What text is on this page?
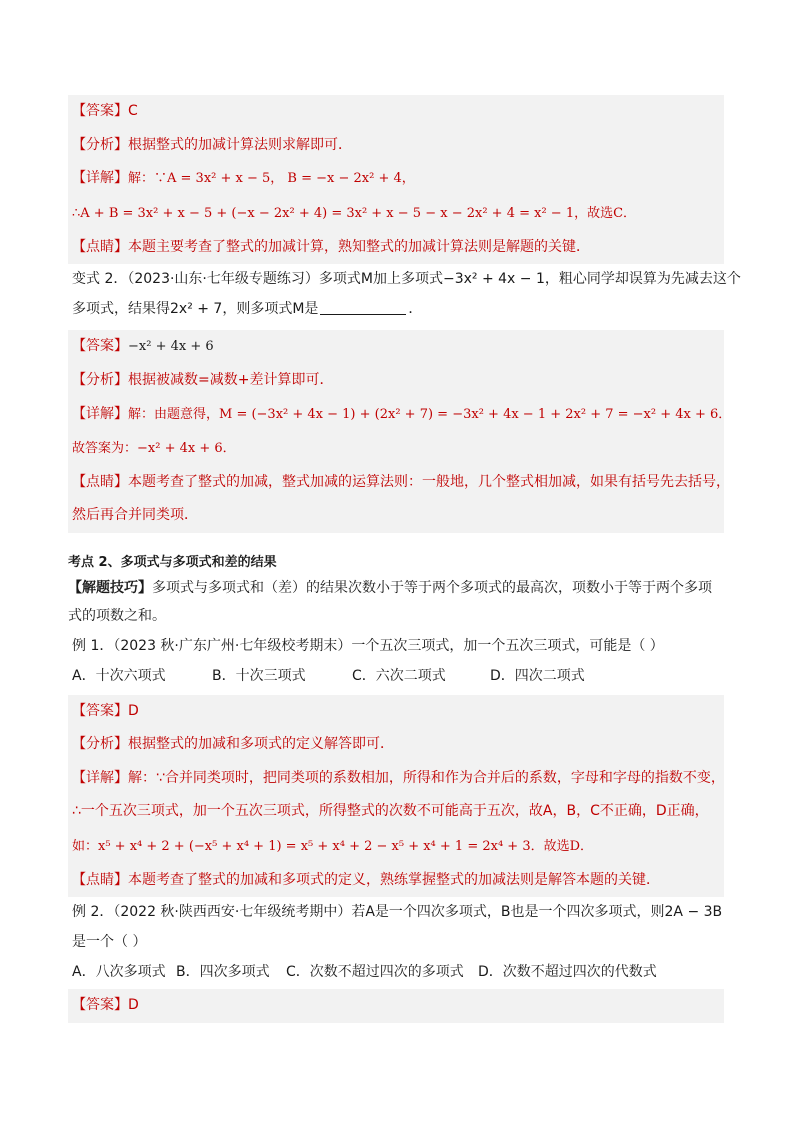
【答案】C
【分析】根据整式的加减计算法则求解即可．
【详解】解：∵A = 3x² + x − 5， B = −x − 2x² + 4，
∴A + B = 3x² + x − 5 + (−x − 2x² + 4) = 3x² + x − 5 − x − 2x² + 4 = x² − 1，故选C．
【点睛】本题主要考查了整式的加减计算，熟知整式的加减计算法则是解题的关键．
变式 2．（2023·山东·七年级专题练习）多项式M加上多项式−3x² + 4x − 1，粗心同学却误算为先减去这个
多项式，结果得2x² + 7，则多项式M是	．
【答案】−x² + 4x + 6
【分析】根据被减数=减数+差计算即可．
【详解】解：由题意得，M = (−3x² + 4x − 1) + (2x² + 7) = −3x² + 4x − 1 + 2x² + 7 = −x² + 4x + 6．
故答案为：−x² + 4x + 6．
【点睛】本题考查了整式的加减，整式加减的运算法则：一般地，几个整式相加减，如果有括号先去括号，
然后再合并同类项．
考点 2、多项式与多项式和差的结果
【解题技巧】多项式与多项式和（差）的结果次数小于等于两个多项式的最高次，项数小于等于两个多项
式的项数之和。
例 1．（2023 秋·广东广州·七年级校考期末）一个五次三项式，加一个五次三项式，可能是（ ）
A．十次六项式	B．十次三项式	C．六次二项式	D．四次二项式
【答案】D
【分析】根据整式的加减和多项式的定义解答即可．
【详解】解：∵合并同类项时，把同类项的系数相加，所得和作为合并后的系数，字母和字母的指数不变，
∴一个五次三项式，加一个五次三项式，所得整式的次数不可能高于五次，故A，B，C不正确，D正确，
如：x⁵ + x⁴ + 2 + (−x⁵ + x⁴ + 1) = x⁵ + x⁴ + 2 − x⁵ + x⁴ + 1 = 2x⁴ + 3．故选D．
【点睛】本题考查了整式的加减和多项式的定义，熟练掌握整式的加减法则是解答本题的关键．
例 2．（2022 秋·陕西西安·七年级统考期中）若A是一个四次多项式，B也是一个四次多项式，则2A − 3B
是一个（ ）
A．八次多项式 B．四次多项式 C．次数不超过四次的多项式 D．次数不超过四次的代数式
【答案】D
